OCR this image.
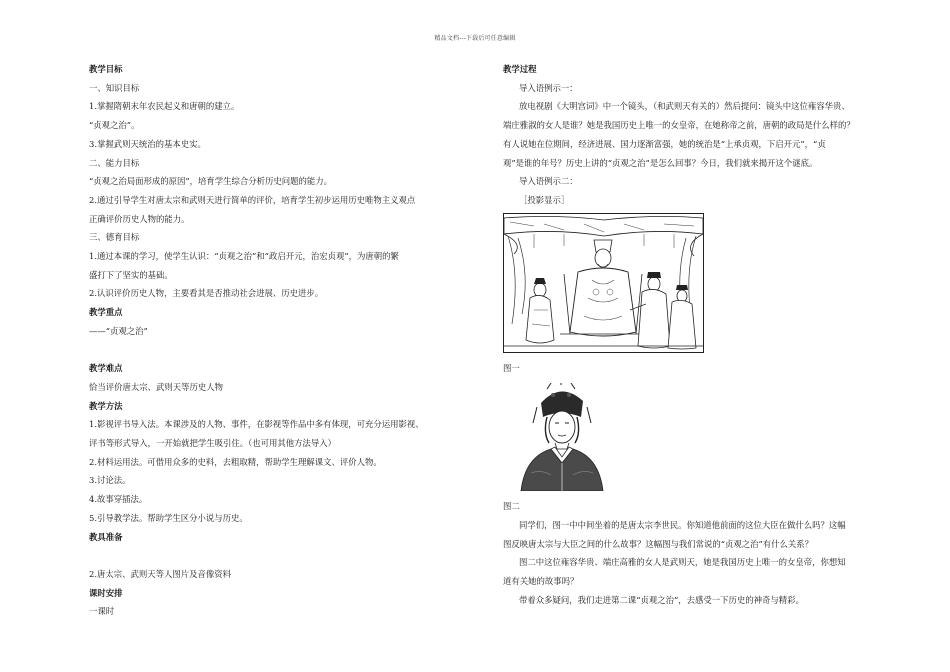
精品文档---下载后可任意编辑
教学目标
一、知识目标
1.掌握隋朝末年农民起义和唐朝的建立。
“贞观之治”。
3.掌握武则天统治的基本史实。
二、能力目标
“贞观之治局面形成的原因”，培育学生综合分析历史问题的能力。
2.通过引导学生对唐太宗和武则天进行简单的评价，培育学生初步运用历史唯物主义观点
正确评价历史人物的能力。
三、德育目标
1.通过本课的学习，使学生认识：“贞观之治”和“政启开元，治宏贞观”，为唐朝的繁
盛打下了坚实的基础。
2.认识评价历史人物，主要看其是否推动社会进展、历史进步。
教学重点
——“贞观之治”
教学难点
恰当评价唐太宗、武则天等历史人物
教学方法
1.影视评书导入法。本课涉及的人物、事件，在影视等作品中多有体现，可充分运用影视、
评书等形式导入，一开始就把学生吸引住。（也可用其他方法导入）
2.材料运用法。可借用众多的史料，去粗取精，帮助学生理解课文、评价人物。
3.讨论法。
4.故事穿插法。
5.引导教学法。帮助学生区分小说与历史。
教具准备
2.唐太宗、武则天等人图片及音像资料
课时安排
一课时
教学过程
导入语例示一：
放电视剧《大明宫词》中一个镜头，（和武则天有关的）然后提问：镜头中这位雍容华贵、
端庄雅淑的女人是谁？她是我国历史上唯一的女皇帝，在她称帝之前，唐朝的政局是什么样的？
有人说她在位期间，经济进展、国力逐渐富强，她的统治是“上承贞观，下启开元”，“贞
观”是谁的年号？历史上讲的“贞观之治”是怎么回事？今日，我们就来揭开这个谜底。
导入语例示二：
［投影显示］
图一
图二
同学们，图一中中间坐着的是唐太宗李世民。你知道他前面的这位大臣在做什么吗？这幅
图反映唐太宗与大臣之间的什么故事？这幅图与我们常说的“贞观之治”有什么关系？
图二中这位雍容华贵、端庄高雅的女人是武则天，她是我国历史上唯一的女皇帝，你想知
道有关她的故事吗？
带着众多疑问，我们走进第二课“贞观之治”，去感受一下历史的神奇与精彩。
